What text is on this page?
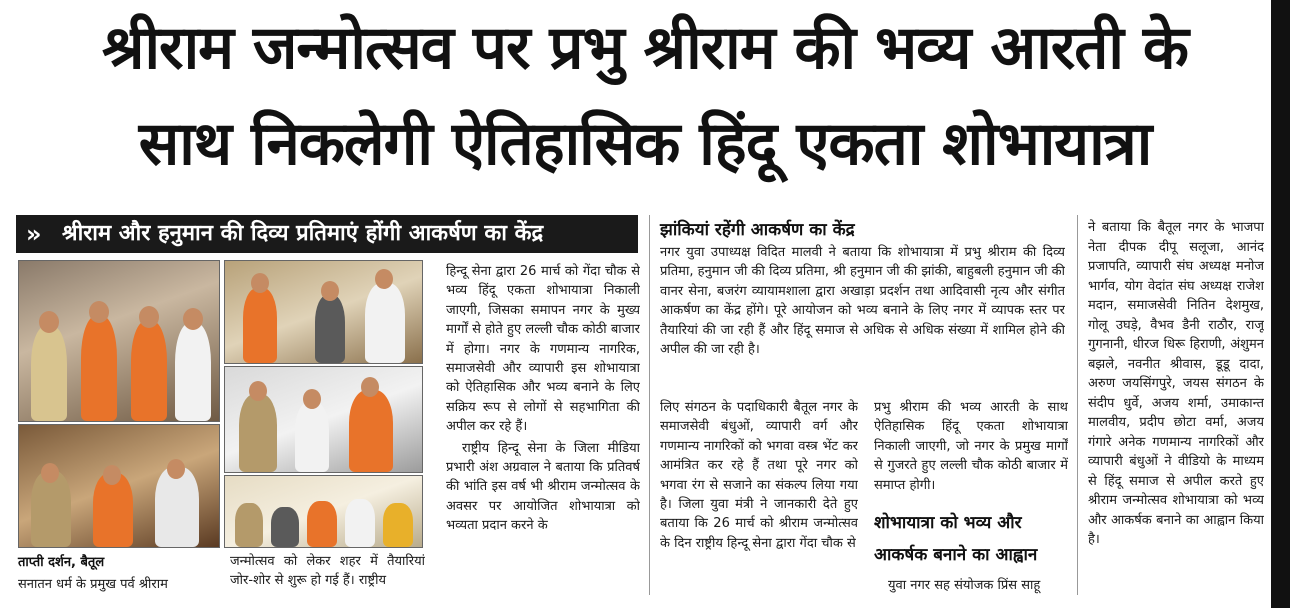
श्रीराम जन्मोत्सव पर प्रभु श्रीराम की भव्य आरती के
साथ निकलेगी ऐतिहासिक हिंदू एकता शोभायात्रा
» श्रीराम और हनुमान की दिव्य प्रतिमाएं होंगी आकर्षण का केंद्र
ताप्ती दर्शन, बैतूल
सनातन धर्म के प्रमुख पर्व श्रीराम

हिन्दू सेना द्वारा 26 मार्च को गेंदा चौक से भव्य हिंदू एकता शोभायात्रा निकाली जाएगी, जिसका समापन नगर के मुख्य मार्गों से होते हुए लल्ली चौक कोठी बाजार में होगा। नगर के गणमान्य नागरिक, समाजसेवी और व्यापारी इस शोभायात्रा को ऐतिहासिक और भव्य बनाने के लिए सक्रिय रूप से लोगों से सहभागिता की अपील कर रहे हैं।

राष्ट्रीय हिन्दू सेना के जिला मीडिया प्रभारी अंश अग्रवाल ने बताया कि प्रतिवर्ष की भांति इस वर्ष भी श्रीराम जन्मोत्सव के अवसर पर आयोजित शोभायात्रा को भव्यता प्रदान करने के

जन्मोत्सव को लेकर शहर में तैयारियां जोर-शोर से शुरू हो गई हैं। राष्ट्रीय

झांकियां रहेंगी आकर्षण का केंद्र

नगर युवा उपाध्यक्ष विदित मालवी ने बताया कि शोभायात्रा में प्रभु श्रीराम की दिव्य प्रतिमा, हनुमान जी की दिव्य प्रतिमा, श्री हनुमान जी की झांकी, बाहुबली हनुमान जी की वानर सेना, बजरंग व्यायामशाला द्वारा अखाड़ा प्रदर्शन तथा आदिवासी नृत्य और संगीत आकर्षण का केंद्र होंगे। पूरे आयोजन को भव्य बनाने के लिए नगर में व्यापक स्तर पर तैयारियां की जा रही हैं और हिंदू समाज से अधिक से अधिक संख्या में शामिल होने की अपील की जा रही है।

लिए संगठन के पदाधिकारी बैतूल नगर के समाजसेवी बंधुओं, व्यापारी वर्ग और गणमान्य नागरिकों को भगवा वस्त्र भेंट कर आमंत्रित कर रहे हैं तथा पूरे नगर को भगवा रंग से सजाने का संकल्प लिया गया है। जिला युवा मंत्री ने जानकारी देते हुए बताया कि 26 मार्च को श्रीराम जन्मोत्सव के दिन राष्ट्रीय हिन्दू सेना द्वारा गेंदा चौक से

प्रभु श्रीराम की भव्य आरती के साथ ऐतिहासिक हिंदू एकता शोभायात्रा निकाली जाएगी, जो नगर के प्रमुख मार्गों से गुजरते हुए लल्ली चौक कोठी बाजार में समाप्त होगी।

शोभायात्रा को भव्य और
आकर्षक बनाने का आह्वान

युवा नगर सह संयोजक प्रिंस साहू

ने बताया कि बैतूल नगर के भाजपा नेता दीपक दीपू सलूजा, आनंद प्रजापति, व्यापारी संघ अध्यक्ष मनोज भार्गव, योग वेदांत संघ अध्यक्ष राजेश मदान, समाजसेवी नितिन देशमुख, गोलू उघड़े, वैभव डैनी राठौर, राजू गुगनानी, धीरज धिरू हिराणी, अंशुमन बझले, नवनीत श्रीवास, डूडू दादा, अरुण जयसिंगपुरे, जयस संगठन के संदीप धुर्वे, अजय शर्मा, उमाकान्त मालवीय, प्रदीप छोटा वर्मा, अजय गंगारे अनेक गणमान्य नागरिकों और व्यापारी बंधुओं ने वीडियो के माध्यम से हिंदू समाज से अपील करते हुए श्रीराम जन्मोत्सव शोभायात्रा को भव्य और आकर्षक बनाने का आह्वान किया है।
